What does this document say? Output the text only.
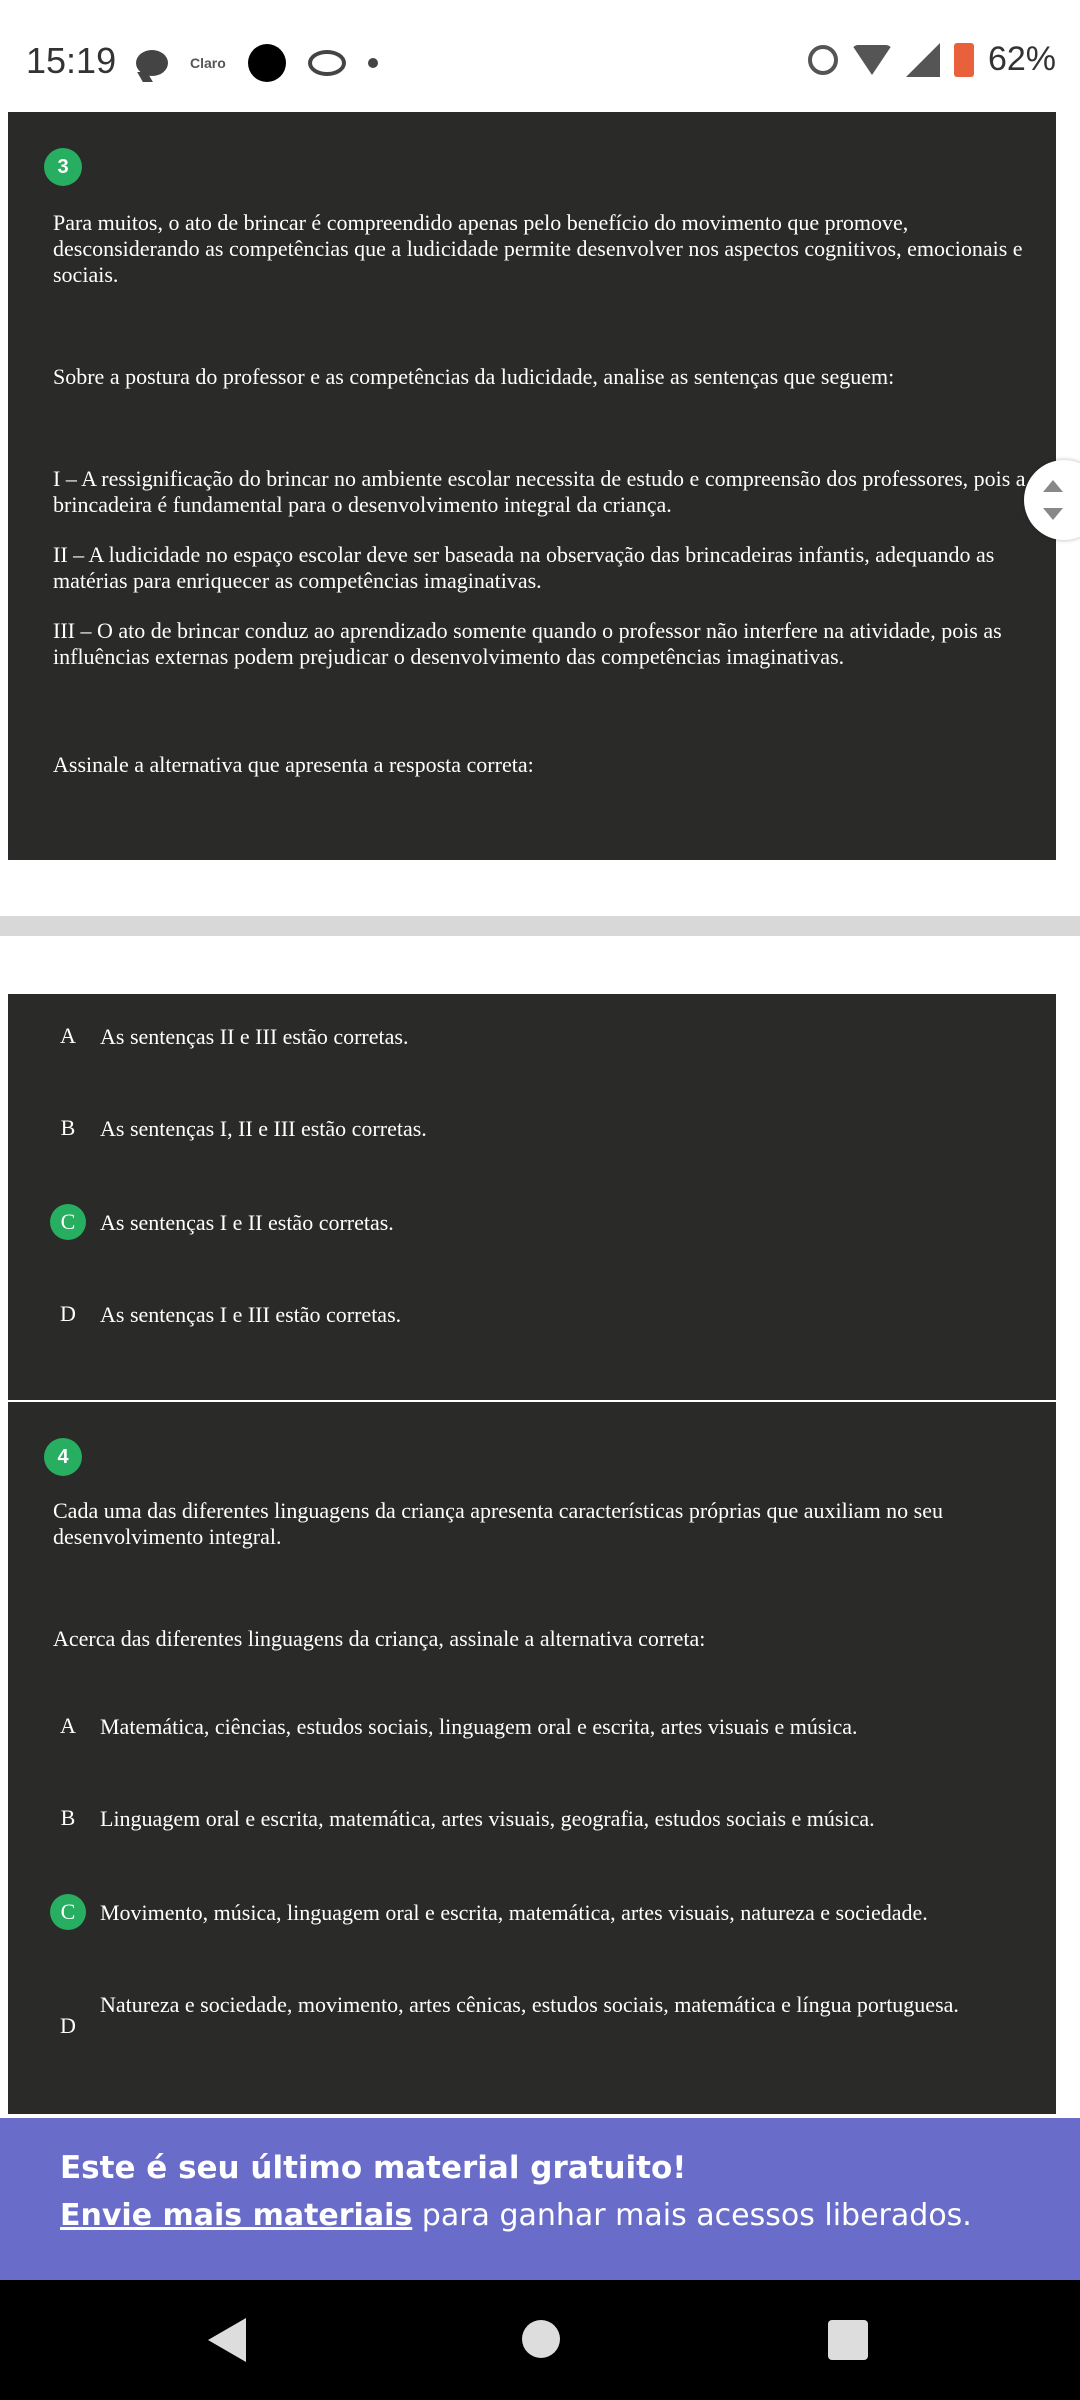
15:19	Claro	62%
3

Para muitos, o ato de brincar é compreendido apenas pelo benefício do movimento que promove, desconsiderando as competências que a ludicidade permite desenvolver nos aspectos cognitivos, emocionais e sociais.

Sobre a postura do professor e as competências da ludicidade, analise as sentenças que seguem:

I – A ressignificação do brincar no ambiente escolar necessita de estudo e compreensão dos professores, pois a brincadeira é fundamental para o desenvolvimento integral da criança.

II – A ludicidade no espaço escolar deve ser baseada na observação das brincadeiras infantis, adequando as matérias para enriquecer as competências imaginativas.

III – O ato de brincar conduz ao aprendizado somente quando o professor não interfere na atividade, pois as influências externas podem prejudicar o desenvolvimento das competências imaginativas.

Assinale a alternativa que apresenta a resposta correta:

A	As sentenças II e III estão corretas.
B	As sentenças I, II e III estão corretas.
C	As sentenças I e II estão corretas.
D	As sentenças I e III estão corretas.
4

Cada uma das diferentes linguagens da criança apresenta características próprias que auxiliam no seu desenvolvimento integral.

Acerca das diferentes linguagens da criança, assinale a alternativa correta:

A	Matemática, ciências, estudos sociais, linguagem oral e escrita, artes visuais e música.
B	Linguagem oral e escrita, matemática, artes visuais, geografia, estudos sociais e música.
C	Movimento, música, linguagem oral e escrita, matemática, artes visuais, natureza e sociedade.
D
Natureza e sociedade, movimento, artes cênicas, estudos sociais, matemática e língua portuguesa.
Este é seu último material gratuito!
Envie mais materiais para ganhar mais acessos liberados.
